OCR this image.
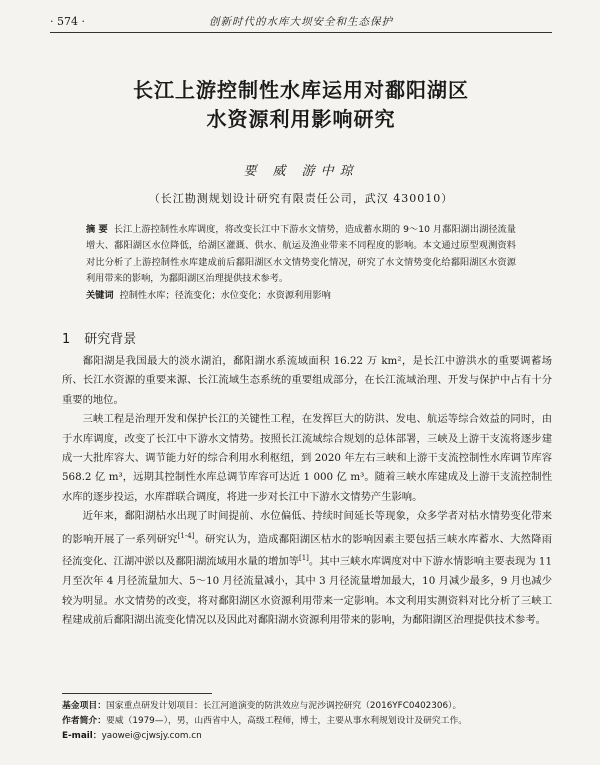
· 574 ·	创新时代的水库大坝安全和生态保护
长江上游控制性水库运用对鄱阳湖区
水资源利用影响研究
要 威 游中琼
（长江勘测规划设计研究有限责任公司，武汉 430010）
摘 要 长江上游控制性水库调度，将改变长江中下游水文情势，造成蓄水期的 9～10 月鄱阳湖出湖径流量增大、鄱阳湖区水位降低，给湖区灌溉、供水、航运及渔业带来不同程度的影响。本文通过原型观测资料对比分析了上游控制性水库建成前后鄱阳湖区水文情势变化情况，研究了水文情势变化给鄱阳湖区水资源利用带来的影响，为鄱阳湖区治理提供技术参考。
关键词 控制性水库；径流变化；水位变化；水资源利用影响
1 研究背景

鄱阳湖是我国最大的淡水湖泊，鄱阳湖水系流域面积 16.22 万 km²，是长江中游洪水的重要调蓄场所、长江水资源的重要来源、长江流域生态系统的重要组成部分，在长江流域治理、开发与保护中占有十分重要的地位。

三峡工程是治理开发和保护长江的关键性工程，在发挥巨大的防洪、发电、航运等综合效益的同时，由于水库调度，改变了长江中下游水文情势。按照长江流域综合规划的总体部署，三峡及上游干支流将逐步建成一大批库容大、调节能力好的综合利用水利枢纽，到 2020 年左右三峡和上游干支流控制性水库调节库容 568.2 亿 m³，远期其控制性水库总调节库容可达近 1 000 亿 m³。随着三峡水库建成及上游干支流控制性水库的逐步投运，水库群联合调度，将进一步对长江中下游水文情势产生影响。

近年来，鄱阳湖枯水出现了时间提前、水位偏低、持续时间延长等现象，众多学者对枯水情势变化带来的影响开展了一系列研究[1-4]。研究认为，造成鄱阳湖区枯水的影响因素主要包括三峡水库蓄水、大然降雨径流变化、江湖冲淤以及鄱阳湖流域用水量的增加等[1]。其中三峡水库调度对中下游水情影响主要表现为 11 月至次年 4 月径流量加大、5～10 月径流量减小，其中 3 月径流量增加最大，10 月减少最多，9 月也减少较为明显。水文情势的改变，将对鄱阳湖区水资源利用带来一定影响。本文利用实测资料对比分析了三峡工程建成前后鄱阳湖出流变化情况以及因此对鄱阳湖水资源利用带来的影响，为鄱阳湖区治理提供技术参考。

基金项目：国家重点研发计划项目：长江河道演变的防洪效应与泥沙调控研究（2016YFC0402306）。
作者简介：要威（1979—），男，山西省中人，高级工程师，博士，主要从事水利规划设计及研究工作。
E-mail：yaowei@cjwsjy.com.cn
